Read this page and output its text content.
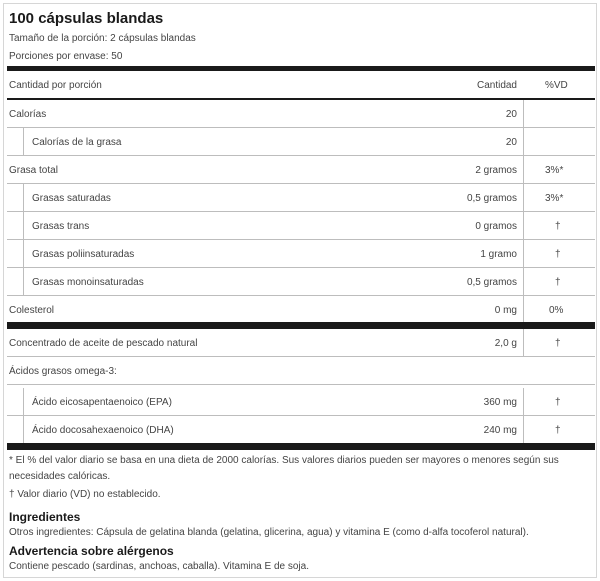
100 cápsulas blandas
Tamaño de la porción: 2 cápsulas blandas
Porciones por envase: 50
Cantidad por porción	Cantidad	%VD
Calorías	20
Calorías de la grasa	20
Grasa total	2 gramos	3%*
Grasas saturadas	0,5 gramos	3%*
Grasas trans	0 gramos	†
Grasas poliinsaturadas	1 gramo	†
Grasas monoinsaturadas	0,5 gramos	†
Colesterol	0 mg	0%
Concentrado de aceite de pescado natural	2,0 g	†
Ácidos grasos omega-3:
Ácido eicosapentaenoico (EPA)	360 mg	†
Ácido docosahexaenoico (DHA)	240 mg	†
* El % del valor diario se basa en una dieta de 2000 calorías. Sus valores diarios pueden ser mayores o menores según sus necesidades calóricas.
† Valor diario (VD) no establecido.
Ingredientes
Otros ingredientes: Cápsula de gelatina blanda (gelatina, glicerina, agua) y vitamina E (como d-alfa tocoferol natural).
Advertencia sobre alérgenos
Contiene pescado (sardinas, anchoas, caballa). Vitamina E de soja.
